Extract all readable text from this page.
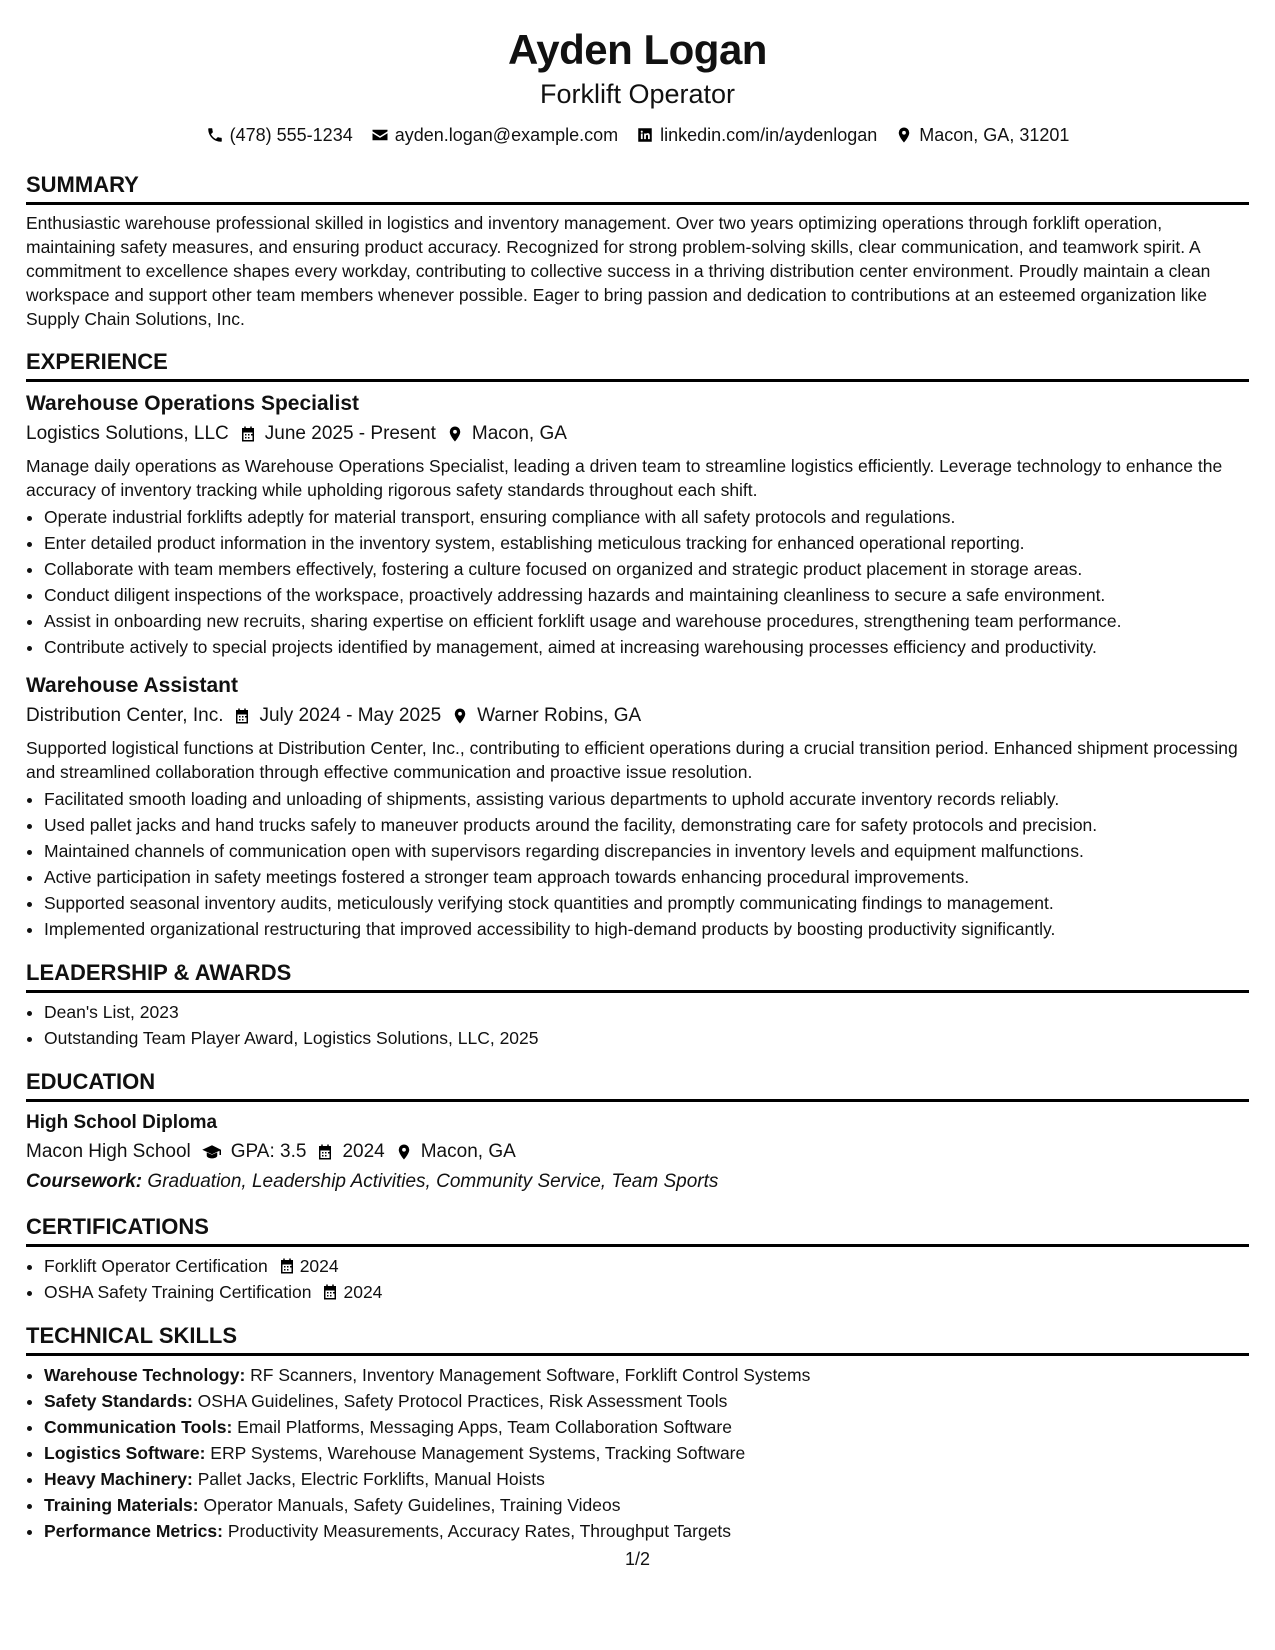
Ayden Logan
Forklift Operator
(478) 555-1234 ayden.logan@example.com linkedin.com/in/aydenlogan Macon, GA, 31201
SUMMARY

Enthusiastic warehouse professional skilled in logistics and inventory management. Over two years optimizing operations through forklift operation, maintaining safety measures, and ensuring product accuracy. Recognized for strong problem-solving skills, clear communication, and teamwork spirit. A commitment to excellence shapes every workday, contributing to collective success in a thriving distribution center environment. Proudly maintain a clean workspace and support other team members whenever possible. Eager to bring passion and dedication to contributions at an esteemed organization like Supply Chain Solutions, Inc.

EXPERIENCE
Warehouse Operations Specialist
Logistics Solutions, LLC June 2025 - Present Macon, GA

Manage daily operations as Warehouse Operations Specialist, leading a driven team to streamline logistics efficiently. Leverage technology to enhance the accuracy of inventory tracking while upholding rigorous safety standards throughout each shift.

• Operate industrial forklifts adeptly for material transport, ensuring compliance with all safety protocols and regulations.
• Enter detailed product information in the inventory system, establishing meticulous tracking for enhanced operational reporting.
• Collaborate with team members effectively, fostering a culture focused on organized and strategic product placement in storage areas.
• Conduct diligent inspections of the workspace, proactively addressing hazards and maintaining cleanliness to secure a safe environment.
• Assist in onboarding new recruits, sharing expertise on efficient forklift usage and warehouse procedures, strengthening team performance.
• Contribute actively to special projects identified by management, aimed at increasing warehousing processes efficiency and productivity.
Warehouse Assistant
Distribution Center, Inc. July 2024 - May 2025 Warner Robins, GA

Supported logistical functions at Distribution Center, Inc., contributing to efficient operations during a crucial transition period. Enhanced shipment processing and streamlined collaboration through effective communication and proactive issue resolution.

• Facilitated smooth loading and unloading of shipments, assisting various departments to uphold accurate inventory records reliably.
• Used pallet jacks and hand trucks safely to maneuver products around the facility, demonstrating care for safety protocols and precision.
• Maintained channels of communication open with supervisors regarding discrepancies in inventory levels and equipment malfunctions.
• Active participation in safety meetings fostered a stronger team approach towards enhancing procedural improvements.
• Supported seasonal inventory audits, meticulously verifying stock quantities and promptly communicating findings to management.
• Implemented organizational restructuring that improved accessibility to high-demand products by boosting productivity significantly.
LEADERSHIP & AWARDS
• Dean's List, 2023
• Outstanding Team Player Award, Logistics Solutions, LLC, 2025
EDUCATION
High School Diploma
Macon High School GPA: 3.5 2024 Macon, GA
Coursework: Graduation, Leadership Activities, Community Service, Team Sports
CERTIFICATIONS
• Forklift Operator Certification 2024
• OSHA Safety Training Certification 2024
TECHNICAL SKILLS
• Warehouse Technology: RF Scanners, Inventory Management Software, Forklift Control Systems
• Safety Standards: OSHA Guidelines, Safety Protocol Practices, Risk Assessment Tools
• Communication Tools: Email Platforms, Messaging Apps, Team Collaboration Software
• Logistics Software: ERP Systems, Warehouse Management Systems, Tracking Software
• Heavy Machinery: Pallet Jacks, Electric Forklifts, Manual Hoists
• Training Materials: Operator Manuals, Safety Guidelines, Training Videos
• Performance Metrics: Productivity Measurements, Accuracy Rates, Throughput Targets
1/2
